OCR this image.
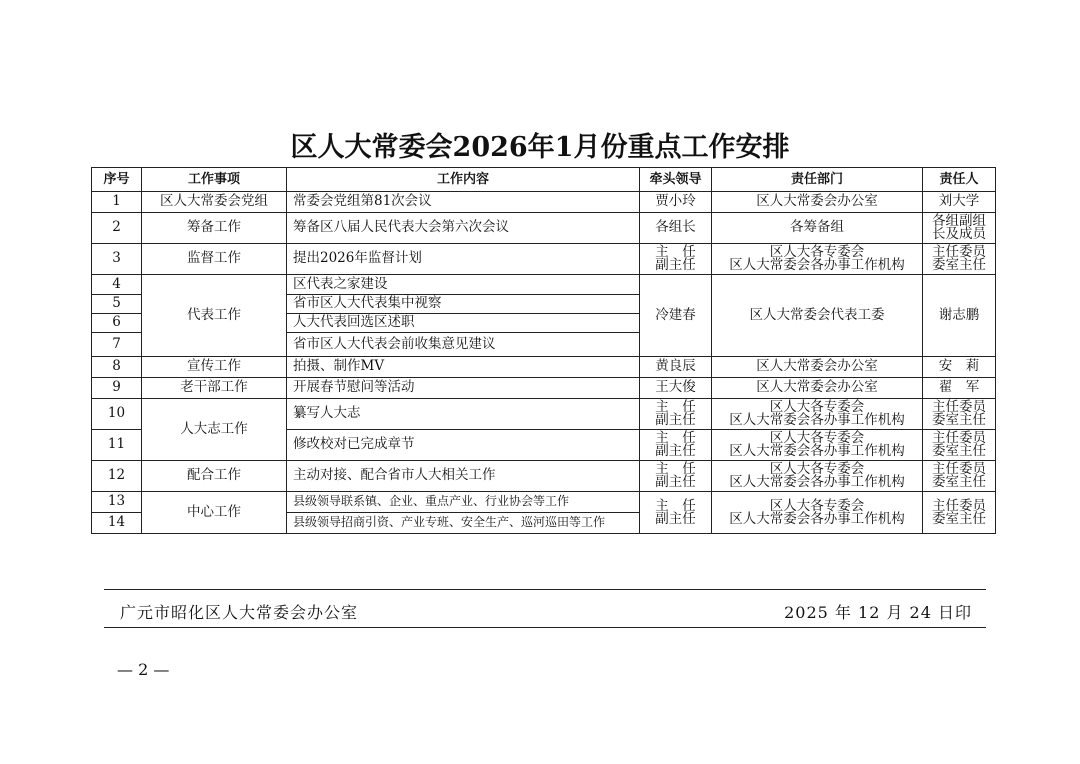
区人大常委会2026年1月份重点工作安排
序号	工作事项	工作内容	牵头领导	责任部门	责任人
1	区人大常委会党组	常委会党组第81次会议	贾小玲	区人大常委会办公室	刘大学
2	筹备工作	筹备区八届人民代表大会第六次会议	各组长	各筹备组	各组副组
长及成员

3	监督工作	提出2026年监督计划	主　任
副主任	区人大各专委会
区人大常委会各办事工作机构	主任委员
委室主任

4	代表工作	区代表之家建设	冷建春	区人大常委会代表工委	谢志鹏
5		省市区人大代表集中视察			
6		人大代表回选区述职			
7		省市区人大代表会前收集意见建议			
8	宣传工作	拍摄、制作MV	黄良辰	区人大常委会办公室	安　莉
9	老干部工作	开展春节慰问等活动	王大俊	区人大常委会办公室	翟　军
10	人大志工作	纂写人大志	主　任
副主任	区人大各专委会
区人大常委会各办事工作机构	主任委员
委室主任

11		修改校对已完成章节	主　任
副主任	区人大各专委会
区人大常委会各办事工作机构	主任委员
委室主任

12	配合工作	主动对接、配合省市人大相关工作	主　任
副主任	区人大各专委会
区人大常委会各办事工作机构	主任委员
委室主任

13	中心工作	县级领导联系镇、企业、重点产业、行业协会等工作	主　任
副主任	区人大各专委会
区人大常委会各办事工作机构	主任委员
委室主任

14		县级领导招商引资、产业专班、安全生产、巡河巡田等工作			
广元市昭化区人大常委会办公室	2025 年 12 月 24 日印
— 2 —
